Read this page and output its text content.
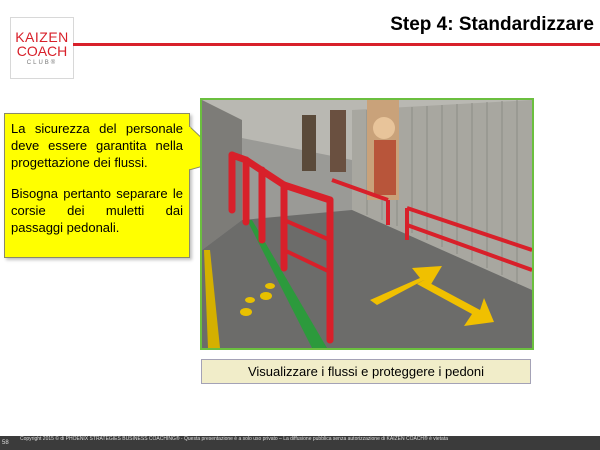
KAIZEN
COACH
CLUB®
Step 4: Standardizzare

La sicurezza del personale deve essere garantita nella progettazione dei flussi.

Bisogna pertanto separare le corsie dei muletti dai passaggi pedonali.

Visualizzare i flussi e proteggere i pedoni
58
Copyright 2015 © di PHOENIX STRATEGIES BUSINESS COACHING® - Questa presentazione è a solo uso privato – La diffusione pubblica senza autorizzazione di KAIZEN COACH® è vietata
